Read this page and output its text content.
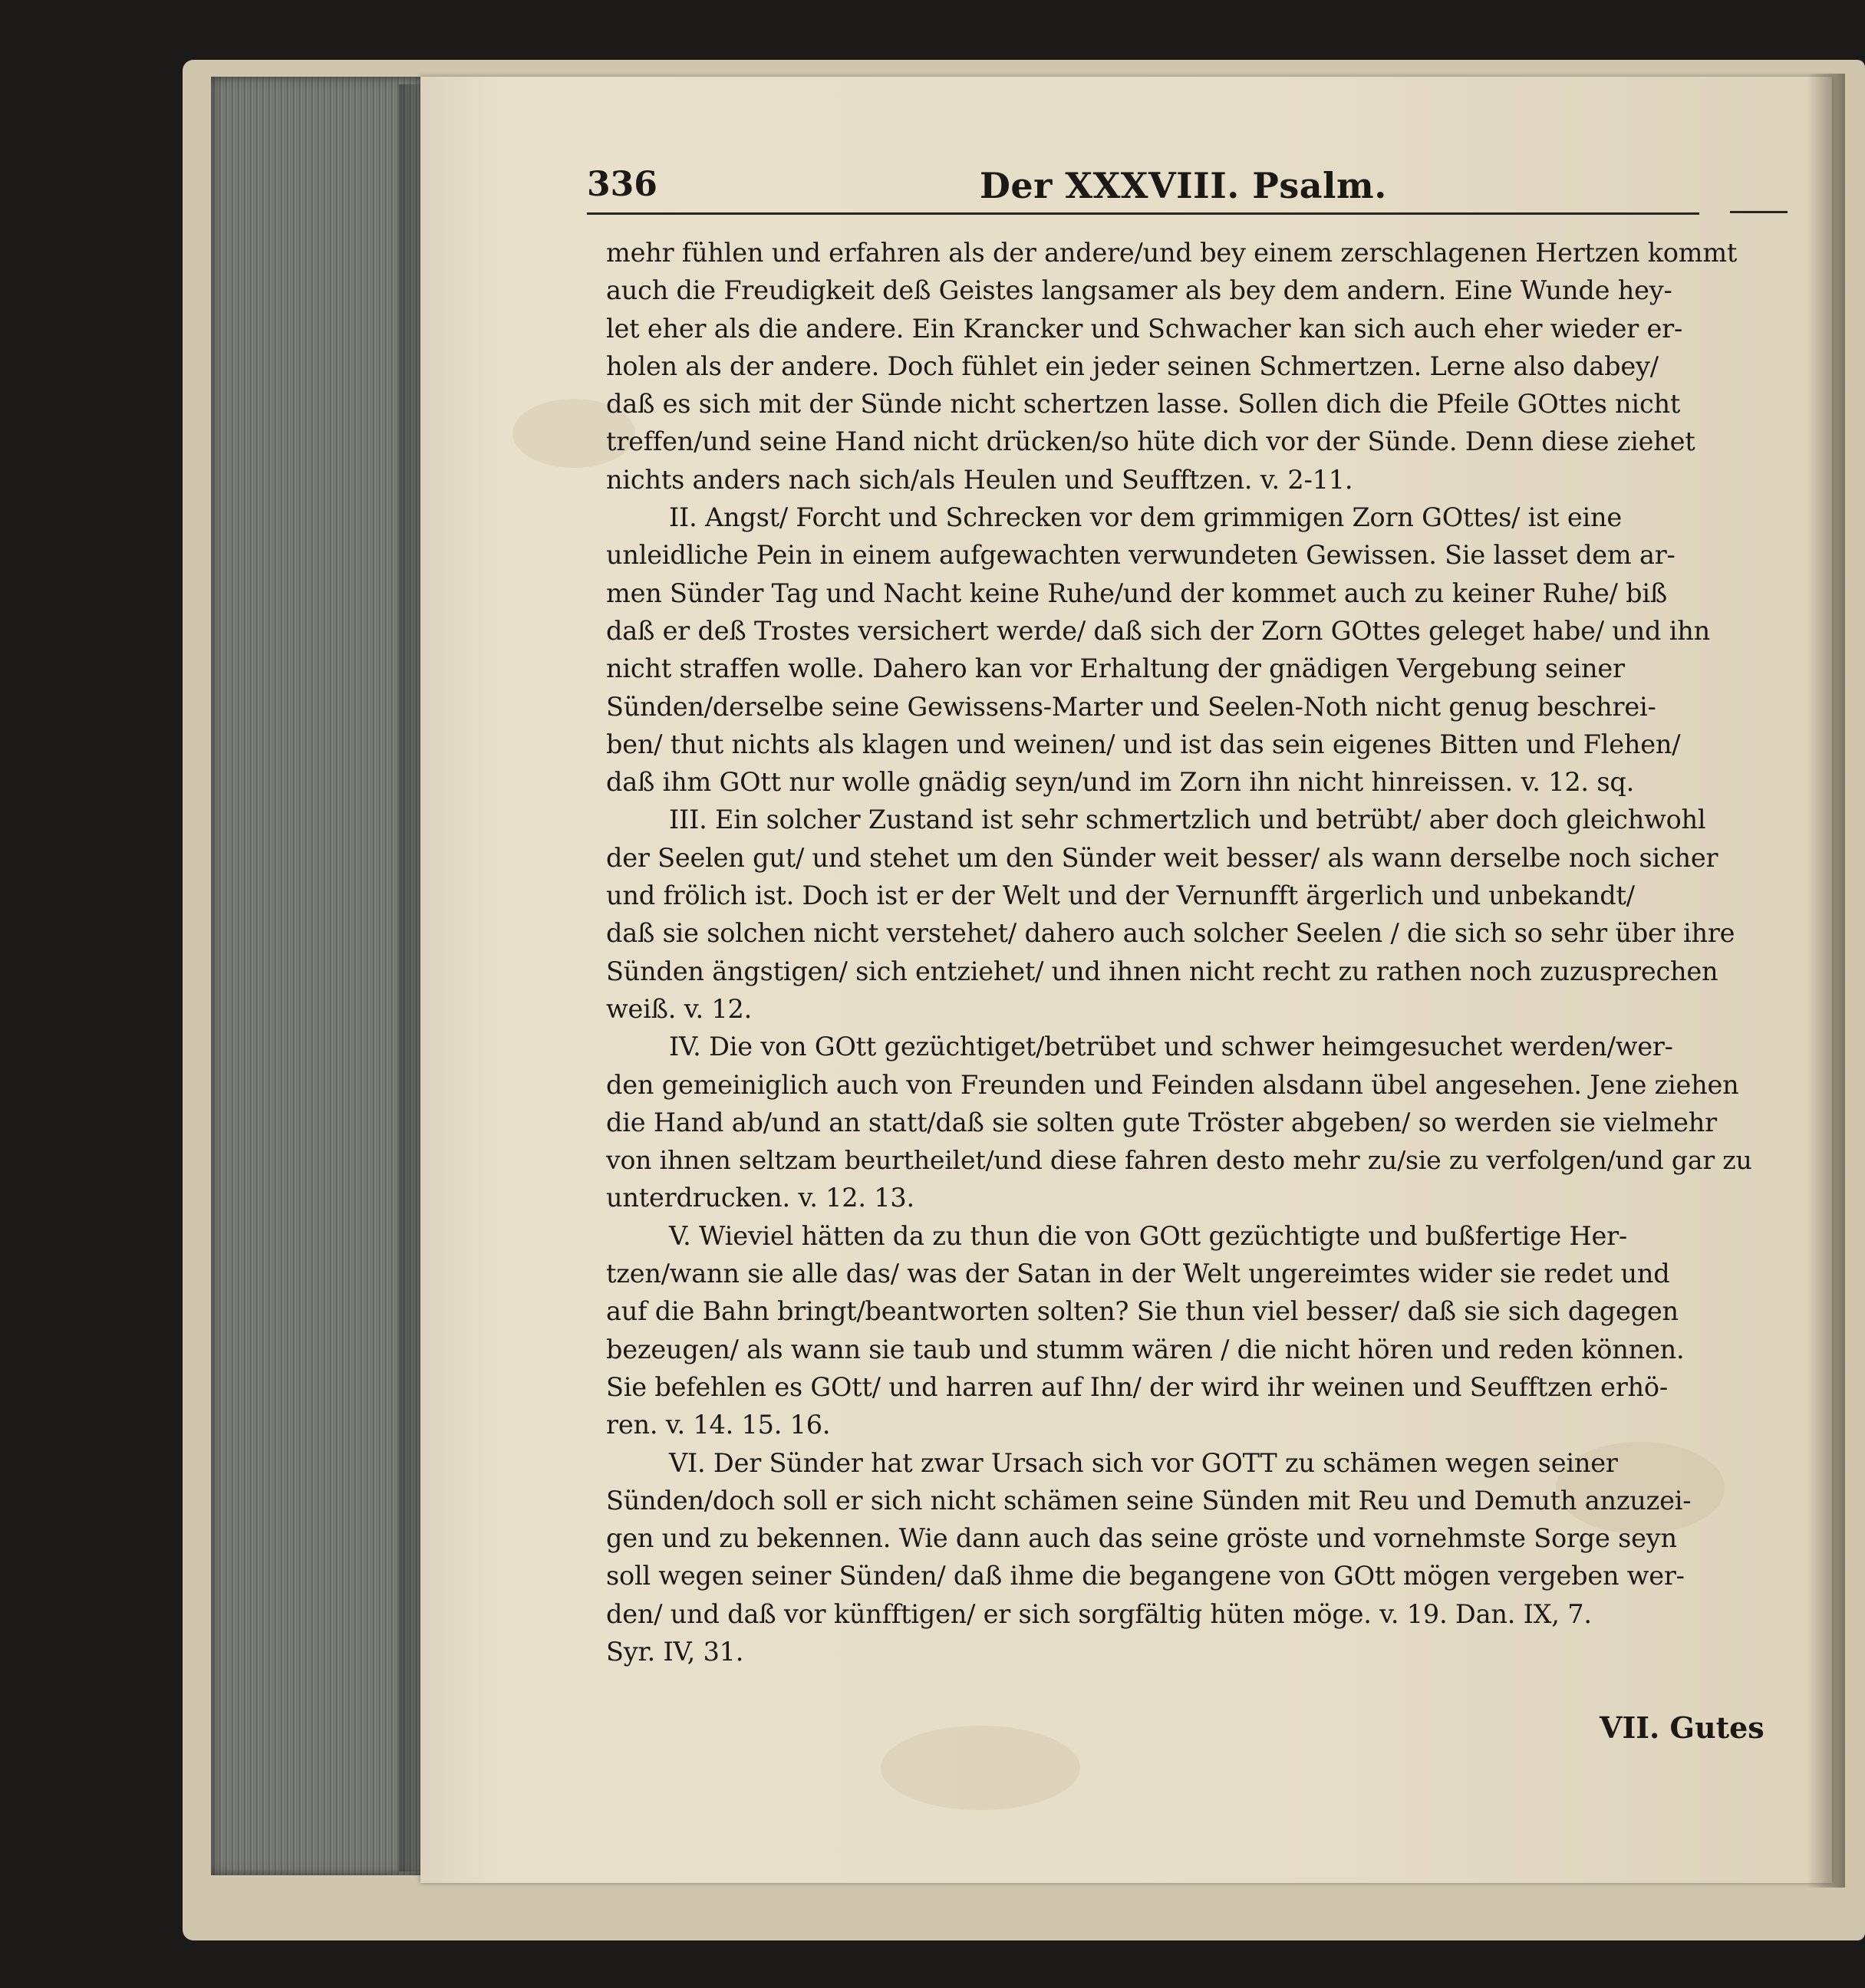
336	Der XXXVIII. Psalm.
mehr fühlen und erfahren als der andere/und bey einem zerschlagenen Hertzen kommt
auch die Freudigkeit deß Geistes langsamer als bey dem andern. Eine Wunde hey-
let eher als die andere. Ein Krancker und Schwacher kan sich auch eher wieder er-
holen als der andere. Doch fühlet ein jeder seinen Schmertzen. Lerne also dabey/
daß es sich mit der Sünde nicht schertzen lasse. Sollen dich die Pfeile GOttes nicht
treffen/und seine Hand nicht drücken/so hüte dich vor der Sünde. Denn diese ziehet
nichts anders nach sich/als Heulen und Seufftzen. v. 2-11.
II. Angst/ Forcht und Schrecken vor dem grimmigen Zorn GOttes/ ist eine
unleidliche Pein in einem aufgewachten verwundeten Gewissen. Sie lasset dem ar-
men Sünder Tag und Nacht keine Ruhe/und der kommet auch zu keiner Ruhe/ biß
daß er deß Trostes versichert werde/ daß sich der Zorn GOttes geleget habe/ und ihn
nicht straffen wolle. Dahero kan vor Erhaltung der gnädigen Vergebung seiner
Sünden/derselbe seine Gewissens-Marter und Seelen-Noth nicht genug beschrei-
ben/ thut nichts als klagen und weinen/ und ist das sein eigenes Bitten und Flehen/
daß ihm GOtt nur wolle gnädig seyn/und im Zorn ihn nicht hinreissen. v. 12. sq.
III. Ein solcher Zustand ist sehr schmertzlich und betrübt/ aber doch gleichwohl
der Seelen gut/ und stehet um den Sünder weit besser/ als wann derselbe noch sicher
und frölich ist. Doch ist er der Welt und der Vernunfft ärgerlich und unbekandt/
daß sie solchen nicht verstehet/ dahero auch solcher Seelen / die sich so sehr über ihre
Sünden ängstigen/ sich entziehet/ und ihnen nicht recht zu rathen noch zuzusprechen
weiß. v. 12.
IV. Die von GOtt gezüchtiget/betrübet und schwer heimgesuchet werden/wer-
den gemeiniglich auch von Freunden und Feinden alsdann übel angesehen. Jene ziehen
die Hand ab/und an statt/daß sie solten gute Tröster abgeben/ so werden sie vielmehr
von ihnen seltzam beurtheilet/und diese fahren desto mehr zu/sie zu verfolgen/und gar zu
unterdrucken. v. 12. 13.
V. Wieviel hätten da zu thun die von GOtt gezüchtigte und bußfertige Her-
tzen/wann sie alle das/ was der Satan in der Welt ungereimtes wider sie redet und
auf die Bahn bringt/beantworten solten? Sie thun viel besser/ daß sie sich dagegen
bezeugen/ als wann sie taub und stumm wären / die nicht hören und reden können.
Sie befehlen es GOtt/ und harren auf Ihn/ der wird ihr weinen und Seufftzen erhö-
ren. v. 14. 15. 16.
VI. Der Sünder hat zwar Ursach sich vor GOTT zu schämen wegen seiner
Sünden/doch soll er sich nicht schämen seine Sünden mit Reu und Demuth anzuzei-
gen und zu bekennen. Wie dann auch das seine gröste und vornehmste Sorge seyn
soll wegen seiner Sünden/ daß ihme die begangene von GOtt mögen vergeben wer-
den/ und daß vor künfftigen/ er sich sorgfältig hüten möge. v. 19. Dan. IX, 7.
Syr. IV, 31.
VII. Gutes
